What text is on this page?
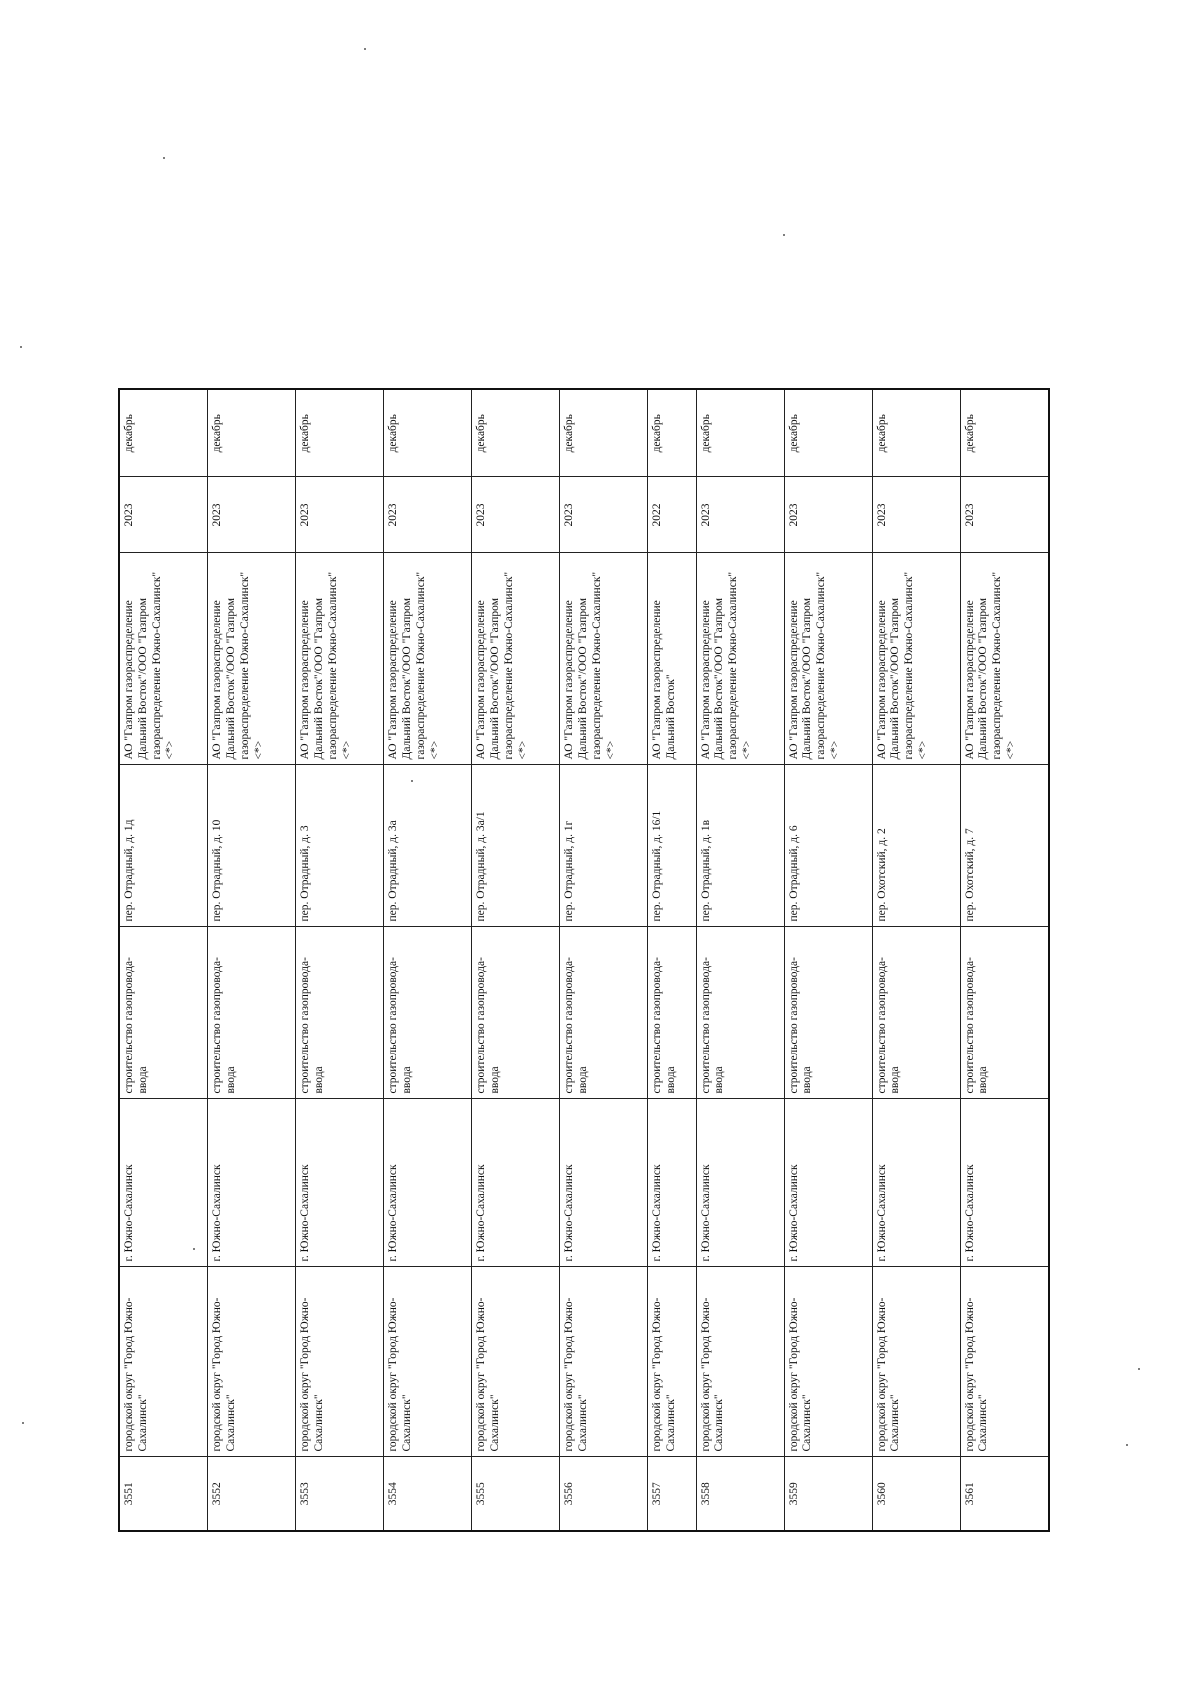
3551	городской округ "Город Южно-Сахалинск"	г. Южно-Сахалинск	строительство газопровода-ввода	пер. Отрадный, д. 1д	АО "Газпром газораспределение Дальний Восток"/ООО "Газпром газораспределение Южно-Сахалинск" <*>	2023	декабрь
3552	городской округ "Город Южно-Сахалинск"	г. Южно-Сахалинск	строительство газопровода-ввода	пер. Отрадный, д. 10	АО "Газпром газораспределение Дальний Восток"/ООО "Газпром газораспределение Южно-Сахалинск" <*>	2023	декабрь
3553	городской округ "Город Южно-Сахалинск"	г. Южно-Сахалинск	строительство газопровода-ввода	пер. Отрадный, д. 3	АО "Газпром газораспределение Дальний Восток"/ООО "Газпром газораспределение Южно-Сахалинск" <*>	2023	декабрь
3554	городской округ "Город Южно-Сахалинск"	г. Южно-Сахалинск	строительство газопровода-ввода	пер. Отрадный, д. 3а	АО "Газпром газораспределение Дальний Восток"/ООО "Газпром газораспределение Южно-Сахалинск" <*>	2023	декабрь
3555	городской округ "Город Южно-Сахалинск"	г. Южно-Сахалинск	строительство газопровода-ввода	пер. Отрадный, д. 3а/1	АО "Газпром газораспределение Дальний Восток"/ООО "Газпром газораспределение Южно-Сахалинск" <*>	2023	декабрь
3556	городской округ "Город Южно-Сахалинск"	г. Южно-Сахалинск	строительство газопровода-ввода	пер. Отрадный, д. 1г	АО "Газпром газораспределение Дальний Восток"/ООО "Газпром газораспределение Южно-Сахалинск" <*>	2023	декабрь
3557	городской округ "Город Южно-Сахалинск"	г. Южно-Сахалинск	строительство газопровода-ввода	пер. Отрадный, д. 16/1	АО "Газпром газораспределение Дальний Восток"	2022	декабрь
3558	городской округ "Город Южно-Сахалинск"	г. Южно-Сахалинск	строительство газопровода-ввода	пер. Отрадный, д. 1в	АО "Газпром газораспределение Дальний Восток"/ООО "Газпром газораспределение Южно-Сахалинск" <*>	2023	декабрь
3559	городской округ "Город Южно-Сахалинск"	г. Южно-Сахалинск	строительство газопровода-ввода	пер. Отрадный, д. 6	АО "Газпром газораспределение Дальний Восток"/ООО "Газпром газораспределение Южно-Сахалинск" <*>	2023	декабрь
3560	городской округ "Город Южно-Сахалинск"	г. Южно-Сахалинск	строительство газопровода-ввода	пер. Охотский, д. 2	АО "Газпром газораспределение Дальний Восток"/ООО "Газпром газораспределение Южно-Сахалинск" <*>	2023	декабрь
3561	городской округ "Город Южно-Сахалинск"	г. Южно-Сахалинск	строительство газопровода-ввода	пер. Охотский, д. 7	АО "Газпром газораспределение Дальний Восток"/ООО "Газпром газораспределение Южно-Сахалинск" <*>	2023	декабрь
